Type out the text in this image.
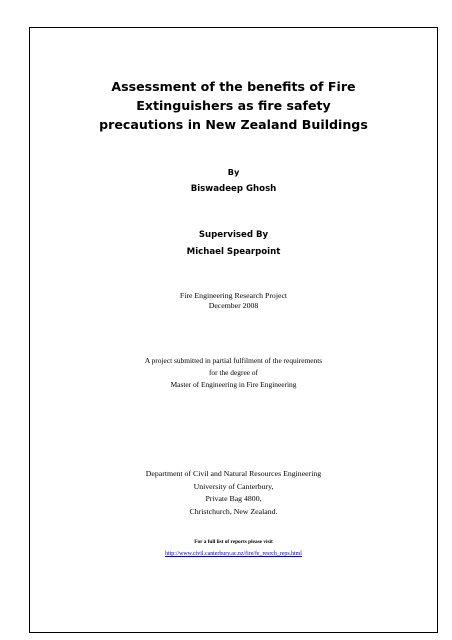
Assessment of the benefits of Fire
Extinguishers as fire safety
precautions in New Zealand Buildings
By
Biswadeep Ghosh
Supervised By
Michael Spearpoint
Fire Engineering Research Project
December 2008
A project submitted in partial fulfilment of the requirements
for the degree of
Master of Engineering in Fire Engineering
Department of Civil and Natural Resources Engineering
University of Canterbury,
Private Bag 4800,
Christchurch, New Zealand.
For a full list of reports please visit
http://www.civil.canterbury.ac.nz/fire/fe_resrch_reps.html
